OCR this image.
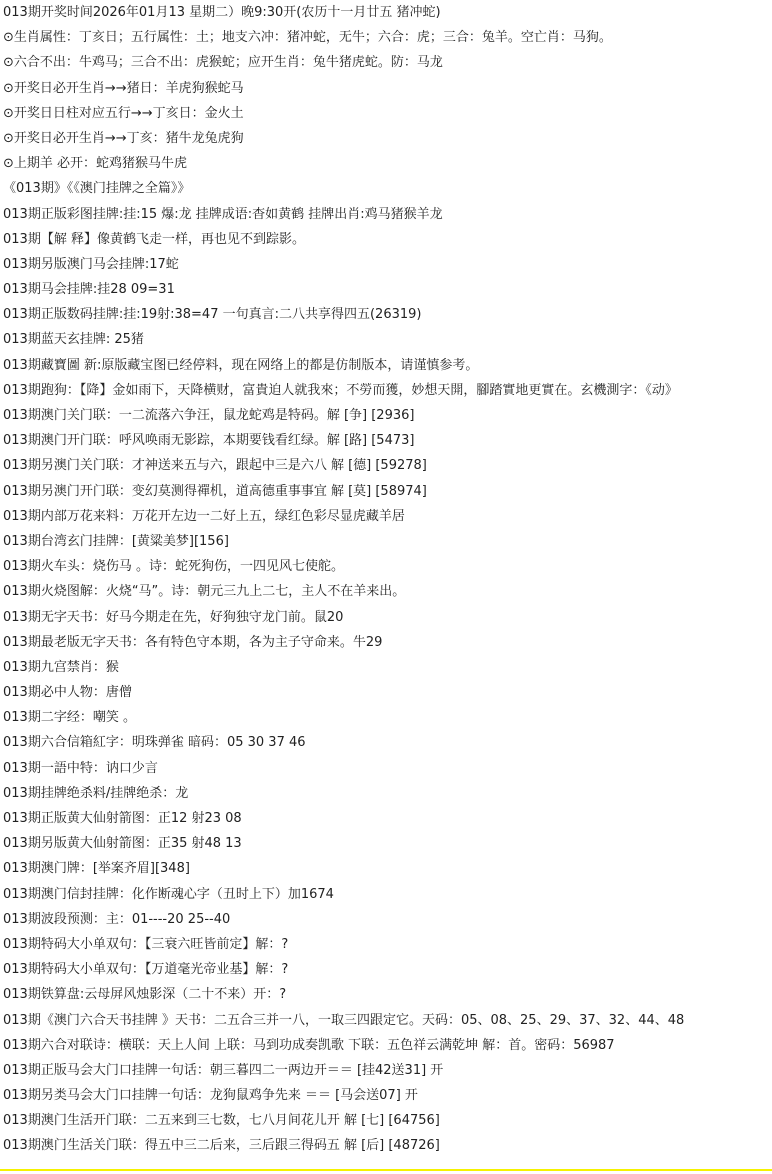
013期开奖时间2026年01月13 星期二）晚9:30开(农历十一月廿五 猪冲蛇)
⊙生肖属性：丁亥日；五行属性：土；地支六冲：猪冲蛇，无牛；六合：虎；三合：兔羊。空亡肖：马狗。
⊙六合不出：牛鸡马；三合不出：虎猴蛇；应开生肖：兔牛猪虎蛇。防：马龙
⊙开奖日必开生肖→→猪日：羊虎狗猴蛇马
⊙开奖日日柱对应五行→→丁亥日：金火土
⊙开奖日必开生肖→→丁亥：猪牛龙兔虎狗
⊙上期羊 必开：蛇鸡猪猴马牛虎
《013期》《《澳门挂牌之全篇》》
013期正版彩图挂牌:挂:15 爆:龙 挂牌成语:杳如黄鹤 挂牌出肖:鸡马猪猴羊龙
013期【解 释】像黄鹤飞走一样，再也见不到踪影。
013期另版澳门马会挂牌:17蛇
013期马会挂牌:挂28 09=31
013期正版数码挂牌:挂:19射:38=47 一句真言:二八共享得四五(26319)
013期蓝天玄挂牌: 25猪
013期藏寶圖 新:原版藏宝图已经停料，现在网络上的都是仿制版本，请谨慎参考。
013期跑狗：【降】金如雨下，天降横财，富貴迫人就我來；不勞而獲，妙想天開，腳踏實地更實在。玄機測字：《动》
013期澳门关门联：一二流落六争汪，鼠龙蛇鸡是特码。解 [争] [2936]
013期澳门开门联：呼风唤雨无影踪，本期要钱看红绿。解 [路] [5473]
013期另澳门关门联：才神送来五与六，跟起中三是六八 解 [德] [59278]
013期另澳门开门联：变幻莫测得禪机，道高德重事事宜 解 [莫] [58974]
013期内部万花来料：万花开左边一二好上五，绿红色彩尽显虎藏羊居
013期台湾玄门挂牌：[黄粱美梦][156]
013期火车头：烧伤马 。诗：蛇死狗伤，一四见风七使舵。
013期火烧图解：火烧“马”。诗：朝元三九上二七，主人不在羊来出。
013期无字天书：好马今期走在先，好狗独守龙门前。鼠20
013期最老版无字天书：各有特色守本期，各为主子守命来。牛29
013期九宫禁肖：猴
013期必中人物：唐僧
013期二字经：嘲笑 。
013期六合信箱紅字：明珠弹雀 暗码：05 30 37 46
013期一語中特：讷口少言
013期挂牌绝杀料/挂牌绝杀：龙
013期正版黄大仙射箭图：正12 射23 08
013期另版黄大仙射箭图：正35 射48 13
013期澳门牌：[举案齐眉][348]
013期澳门信封挂牌：化作断魂心字（丑时上下）加1674
013期波段预测：主：01----20 25--40
013期特码大小单双句：【三衰六旺皆前定】解：?
013期特码大小单双句：【万道毫光帝业基】解：?
013期铁算盘:云母屏风烛影深（二十不来）开：?
013期《澳门六合天书挂牌 》天书：二五合三并一八，一取三四跟定它。天码：05、08、25、29、37、32、44、48
013期六合对联诗：横联：天上人间 上联：马到功成奏凯歌 下联：五色祥云满乾坤 解：首。密码：56987
013期正版马会大门口挂牌一句话：朝三暮四二一两边开＝＝ [挂42送31] 开
013期另类马会大门口挂牌一句话：龙狗鼠鸡争先来 ＝＝ [马会送07] 开
013期澳门生活开门联：二五来到三七数，七八月间花儿开 解 [七] [64756]
013期澳门生活关门联：得五中三二后来，三后跟三得码五 解 [后] [48726]
